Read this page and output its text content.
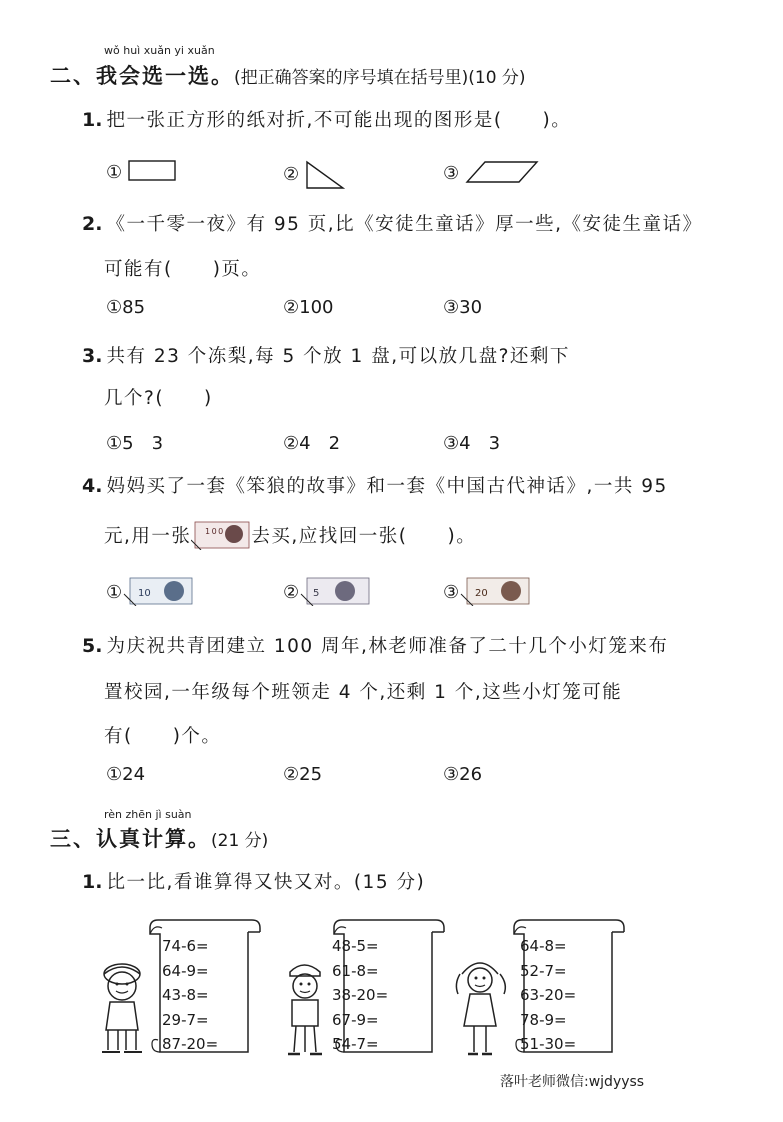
wǒ huì xuǎn yi xuǎn
二、我会选一选。(把正确答案的序号填在括号里)(10 分)
1. 把一张正方形的纸对折,不可能出现的图形是(　　)。
①	②	③
2. 《一千零一夜》有 95 页,比《安徒生童话》厚一些,《安徒生童话》
可能有(　　)页。
①85	②100	③30
3. 共有 23 个冻梨,每 5 个放 1 盘,可以放几盘?还剩下
几个?(　　)
①5　3	②4　2	③4　3
4. 妈妈买了一套《笨狼的故事》和一套《中国古代神话》,一共 95
元,用一张 100 去买,应找回一张(　　)。
① 10	② 5	③ 20
5. 为庆祝共青团建立 100 周年,林老师准备了二十几个小灯笼来布
置校园,一年级每个班领走 4 个,还剩 1 个,这些小灯笼可能
有(　　)个。
①24	②25	③26
rèn zhēn jì suàn
三、认真计算。(21 分)
1. 比一比,看谁算得又快又对。(15 分)
74-6=
64-9=
43-8=
29-7=
87-20=
48-5=
61-8=
38-20=
67-9=
54-7=
64-8=
52-7=
63-20=
78-9=
51-30=
落叶老师微信:wjdyyss
